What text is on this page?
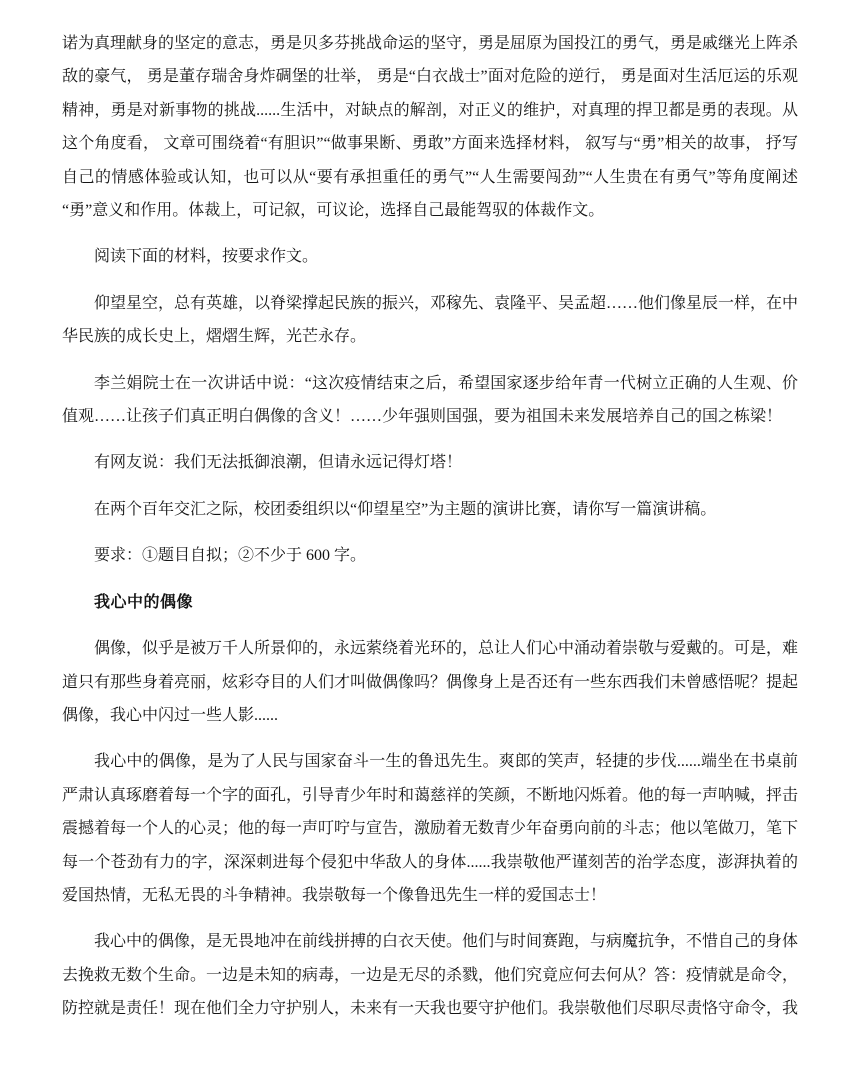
诺为真理献身的坚定的意志，勇是贝多芬挑战命运的坚守，勇是屈原为国投江的勇气，勇是戚继光上阵杀敌的豪气， 勇是董存瑞舍身炸碉堡的壮举， 勇是“白衣战士”面对危险的逆行， 勇是面对生活厄运的乐观精神，勇是对新事物的挑战......生活中，对缺点的解剖，对正义的维护，对真理的捍卫都是勇的表现。从这个角度看， 文章可围绕着“有胆识”“做事果断、勇敢”方面来选择材料， 叙写与“勇”相关的故事， 抒写自己的情感体验或认知，也可以从“要有承担重任的勇气”“人生需要闯劲”“人生贵在有勇气”等角度阐述“勇”意义和作用。体裁上，可记叙，可议论，选择自己最能驾驭的体裁作文。

阅读下面的材料，按要求作文。

仰望星空，总有英雄，以脊梁撑起民族的振兴，邓稼先、袁隆平、吴孟超……他们像星辰一样，在中华民族的成长史上，熠熠生辉，光芒永存。

李兰娟院士在一次讲话中说：“这次疫情结束之后，希望国家逐步给年青一代树立正确的人生观、价值观……让孩子们真正明白偶像的含义！……少年强则国强，要为祖国未来发展培养自己的国之栋梁！

有网友说：我们无法抵御浪潮，但请永远记得灯塔！

在两个百年交汇之际，校团委组织以“仰望星空”为主题的演讲比赛，请你写一篇演讲稿。

要求：①题目自拟；②不少于 600 字。

我心中的偶像

偶像，似乎是被万千人所景仰的，永远萦绕着光环的，总让人们心中涌动着崇敬与爱戴的。可是，难道只有那些身着亮丽，炫彩夺目的人们才叫做偶像吗？偶像身上是否还有一些东西我们未曾感悟呢？提起偶像，我心中闪过一些人影......

我心中的偶像，是为了人民与国家奋斗一生的鲁迅先生。爽郎的笑声，轻捷的步伐......端坐在书桌前严肃认真琢磨着每一个字的面孔，引导青少年时和蔼慈祥的笑颜，不断地闪烁着。他的每一声呐喊，抨击震撼着每一个人的心灵；他的每一声叮咛与宣告，激励着无数青少年奋勇向前的斗志；他以笔做刀，笔下每一个苍劲有力的字，深深刺进每个侵犯中华敌人的身体......我崇敬他严谨刻苦的治学态度，澎湃执着的爱国热情，无私无畏的斗争精神。我崇敬每一个像鲁迅先生一样的爱国志士！

我心中的偶像，是无畏地冲在前线拼搏的白衣天使。他们与时间赛跑，与病魔抗争，不惜自己的身体去挽救无数个生命。一边是未知的病毒，一边是无尽的杀戮，他们究竟应何去何从？答：疫情就是命令，防控就是责任！现在他们全力守护别人，未来有一天我也要守护他们。我崇敬他们尽职尽责恪守命令，我
